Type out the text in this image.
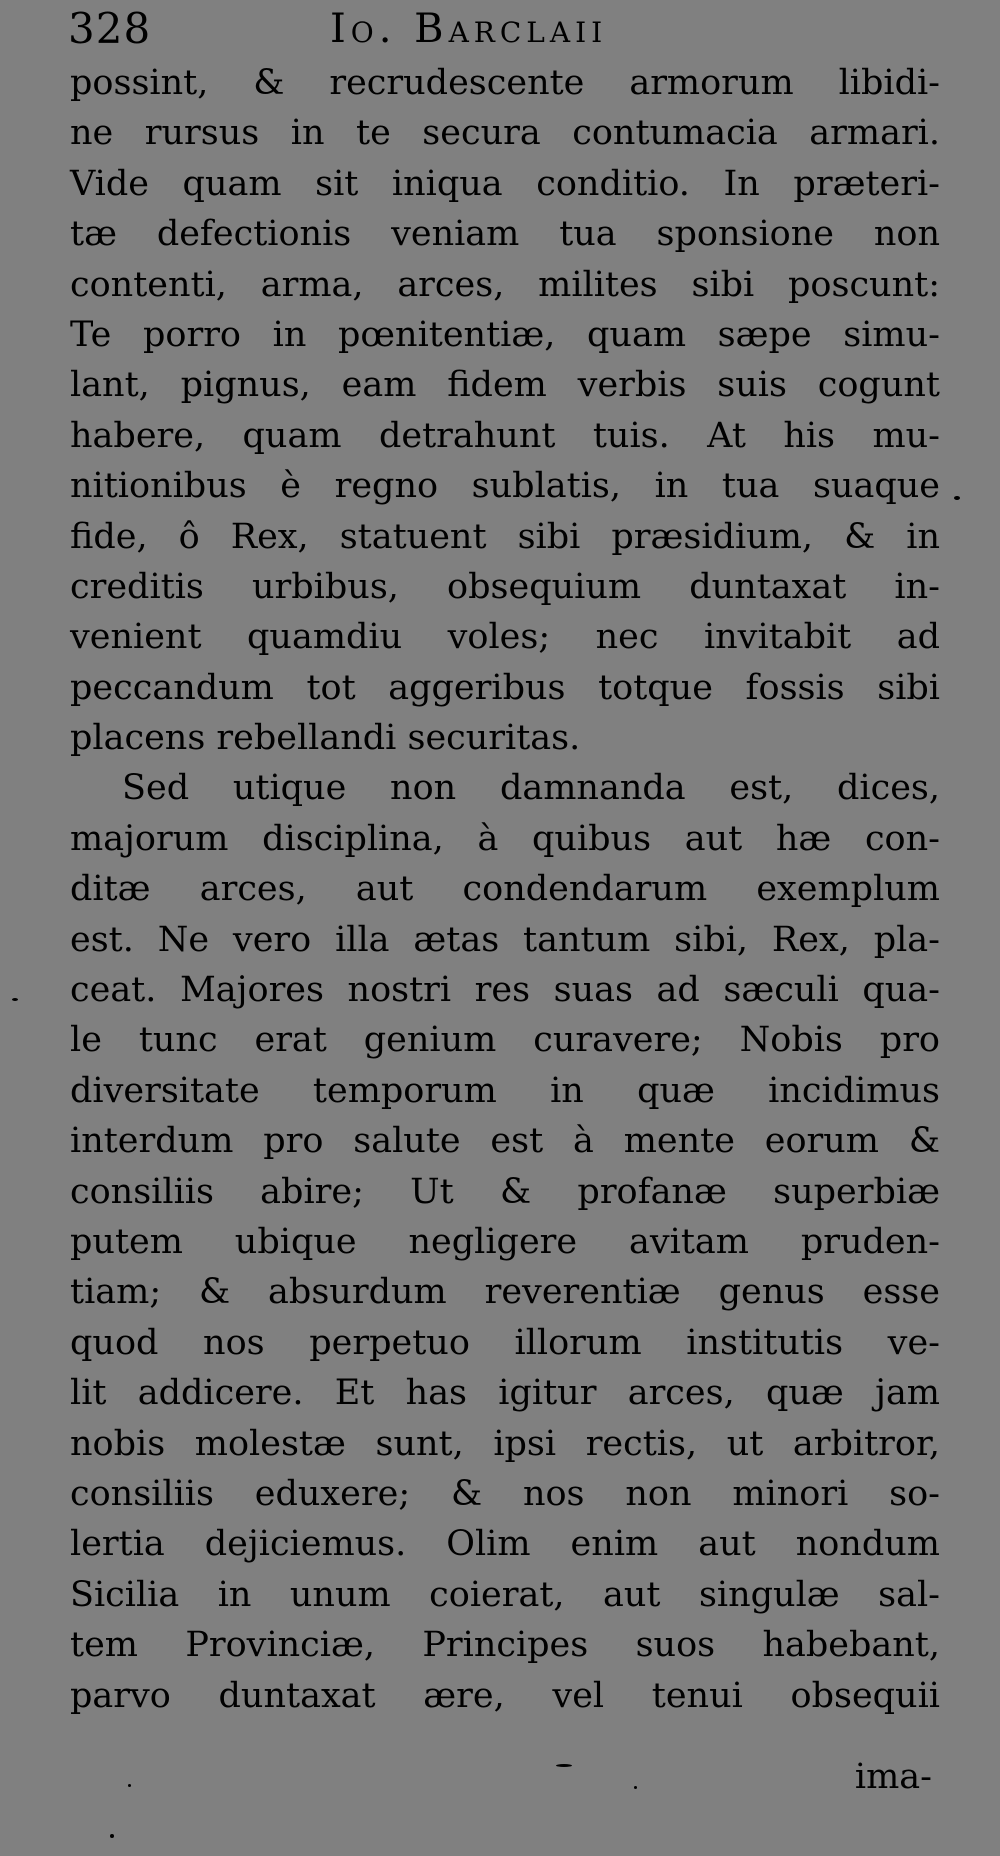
328	Io. Barclaii
possint, & recrudescente armorum libidi-
ne rursus in te secura contumacia armari.
Vide quam sit iniqua conditio. In præteri-
tæ defectionis veniam tua sponsione non
contenti, arma, arces, milites sibi poscunt:
Te porro in pœnitentiæ, quam sæpe simu-
lant, pignus, eam fidem verbis suis cogunt
habere, quam detrahunt tuis. At his mu-
nitionibus è regno sublatis, in tua suaque
fide, ô Rex, statuent sibi præsidium, & in
creditis urbibus, obsequium duntaxat in-
venient quamdiu voles; nec invitabit ad
peccandum tot aggeribus totque fossis sibi
placens rebellandi securitas.
Sed utique non damnanda est, dices,
majorum disciplina, à quibus aut hæ con-
ditæ arces, aut condendarum exemplum
est. Ne vero illa ætas tantum sibi, Rex, pla-
ceat. Majores nostri res suas ad sæculi qua-
le tunc erat genium curavere; Nobis pro
diversitate temporum in quæ incidimus
interdum pro salute est à mente eorum &
consiliis abire; Ut & profanæ superbiæ
putem ubique negligere avitam pruden-
tiam; & absurdum reverentiæ genus esse
quod nos perpetuo illorum institutis ve-
lit addicere. Et has igitur arces, quæ jam
nobis molestæ sunt, ipsi rectis, ut arbitror,
consiliis eduxere; & nos non minori so-
lertia dejiciemus. Olim enim aut nondum
Sicilia in unum coierat, aut singulæ sal-
tem Provinciæ, Principes suos habebant,
parvo duntaxat ære, vel tenui obsequii
ima-
